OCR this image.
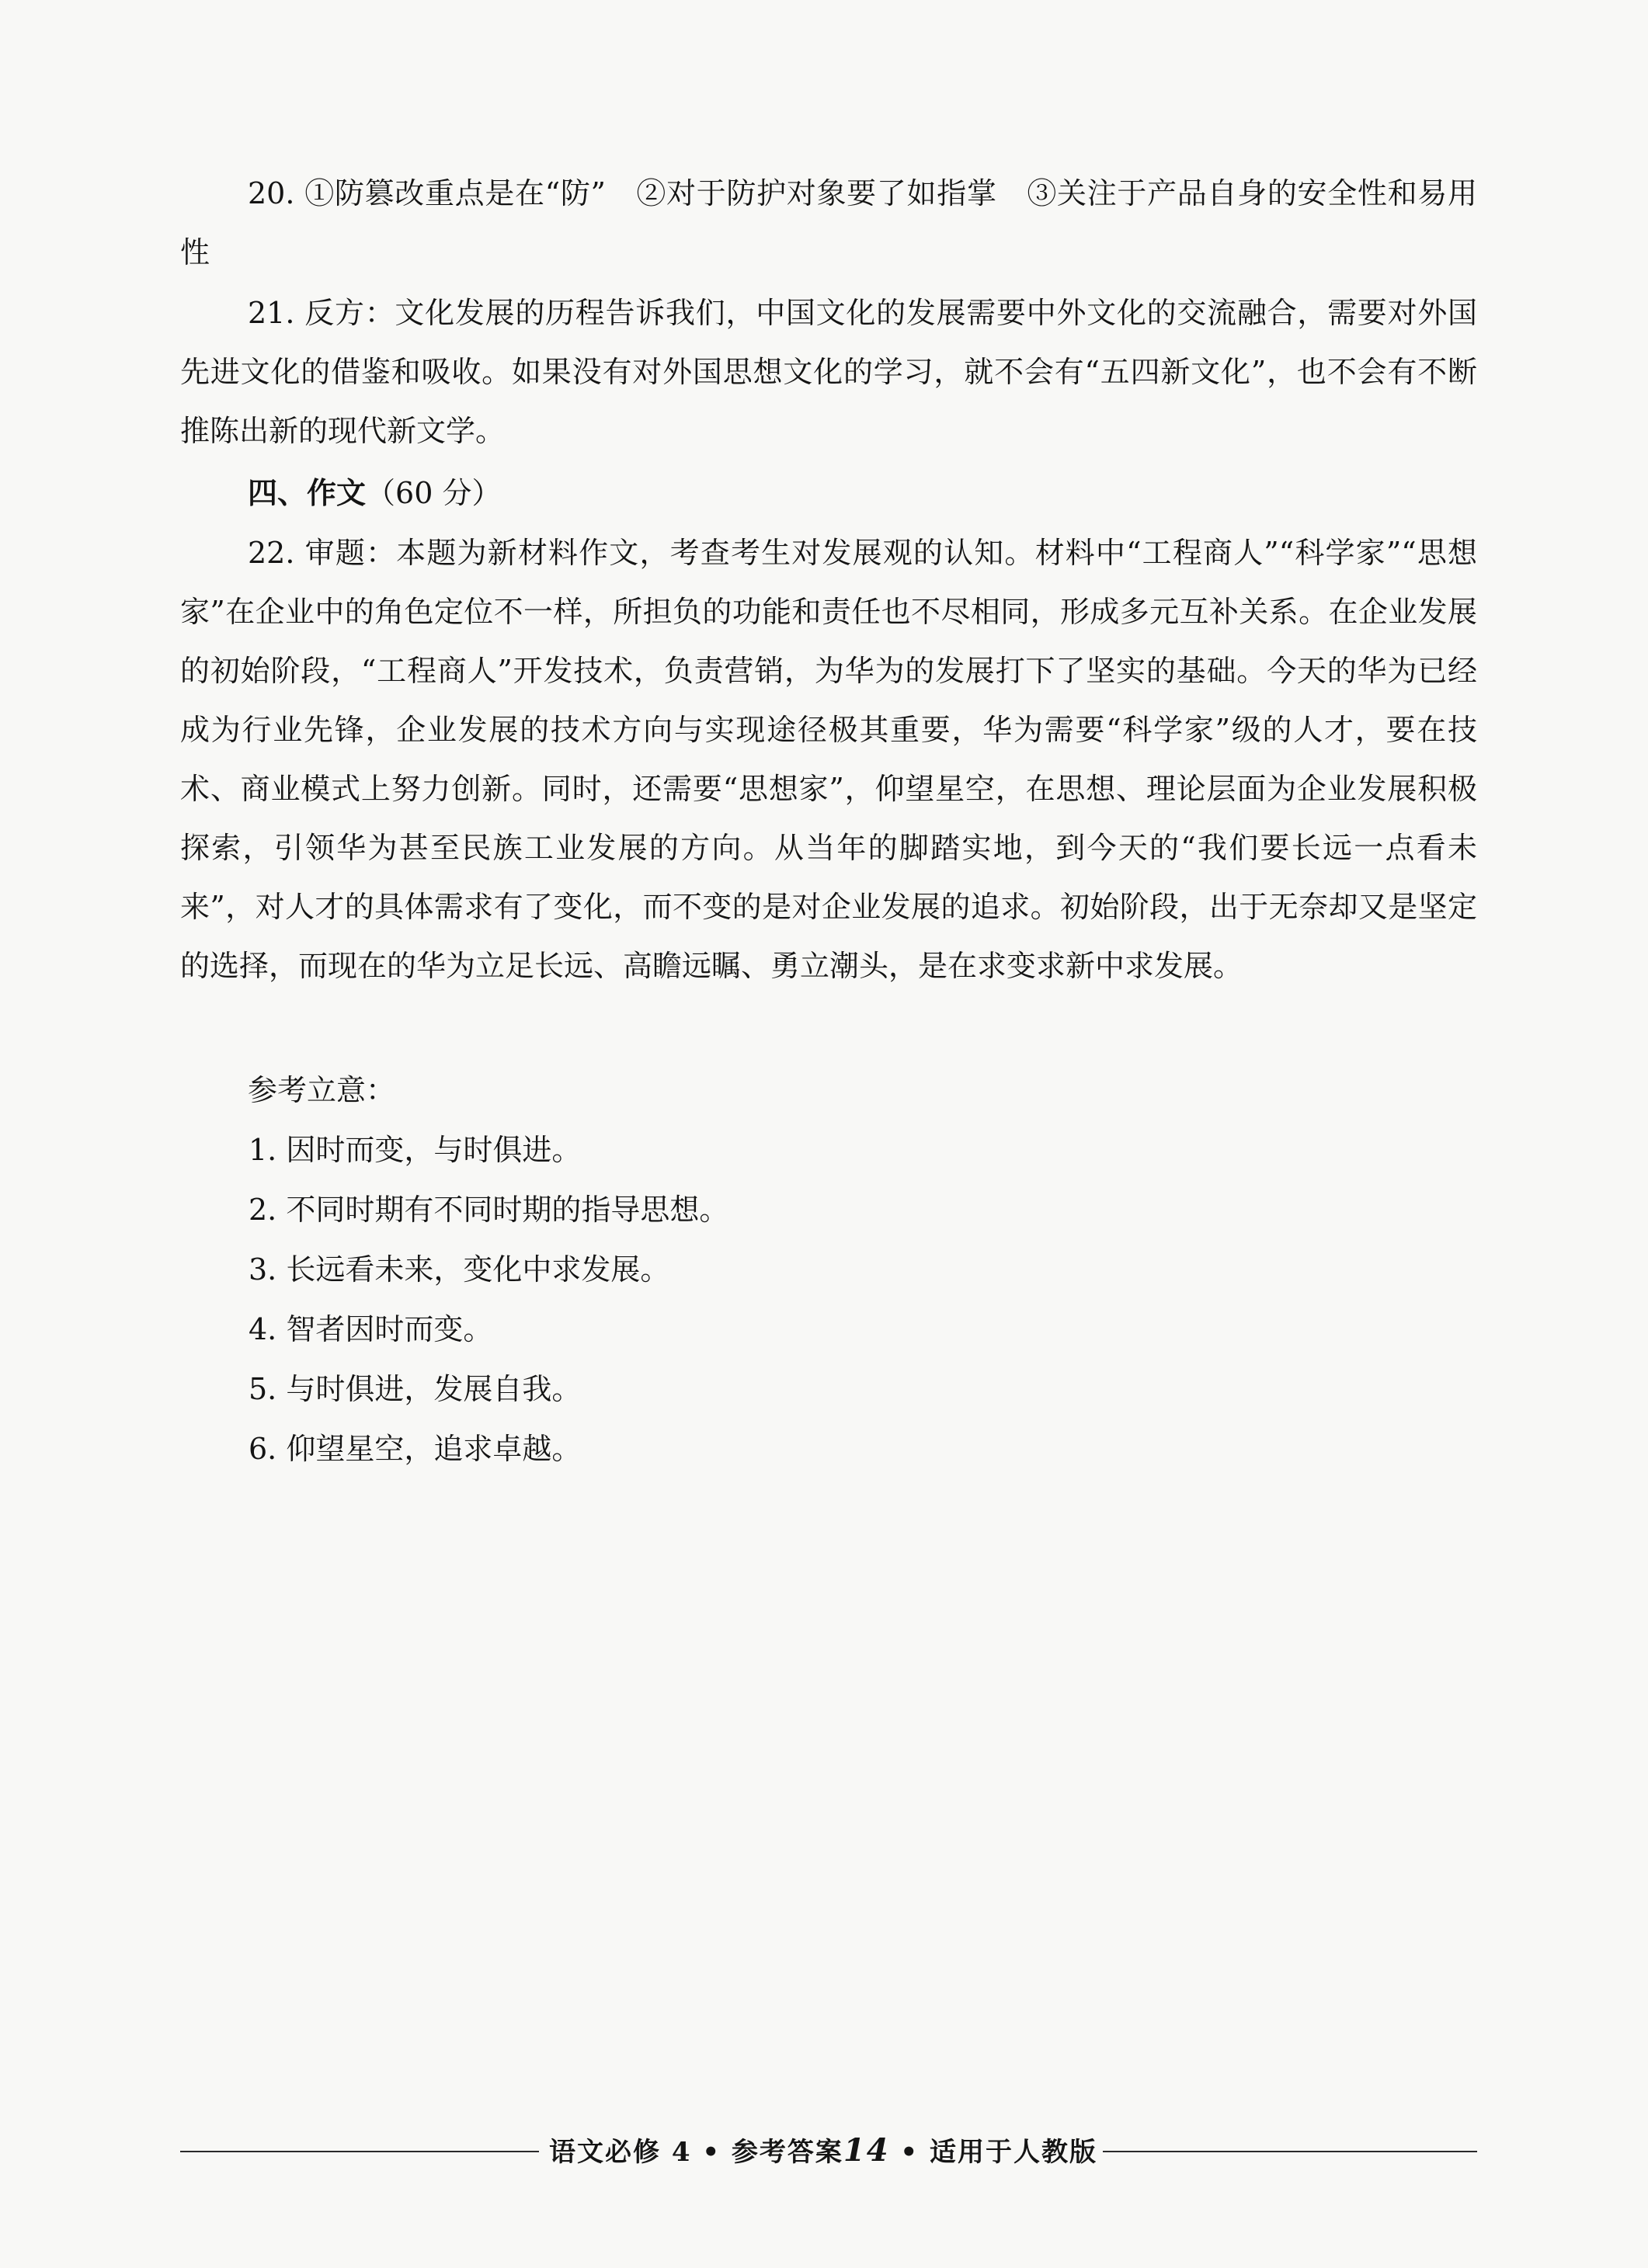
20. ①防篡改重点是在“防”　②对于防护对象要了如指掌　③关注于产品自身的安全性和易用性

21. 反方：文化发展的历程告诉我们，中国文化的发展需要中外文化的交流融合，需要对外国先进文化的借鉴和吸收。如果没有对外国思想文化的学习，就不会有“五四新文化”，也不会有不断推陈出新的现代新文学。

四、作文（60 分）

22. 审题：本题为新材料作文，考查考生对发展观的认知。材料中“工程商人”“科学家”“思想家”在企业中的角色定位不一样，所担负的功能和责任也不尽相同，形成多元互补关系。在企业发展的初始阶段，“工程商人”开发技术，负责营销，为华为的发展打下了坚实的基础。今天的华为已经成为行业先锋，企业发展的技术方向与实现途径极其重要，华为需要“科学家”级的人才，要在技术、商业模式上努力创新。同时，还需要“思想家”，仰望星空，在思想、理论层面为企业发展积极探索，引领华为甚至民族工业发展的方向。从当年的脚踏实地，到今天的“我们要长远一点看未来”，对人才的具体需求有了变化，而不变的是对企业发展的追求。初始阶段，出于无奈却又是坚定的选择，而现在的华为立足长远、高瞻远瞩、勇立潮头，是在求变求新中求发展。

参考立意：

1. 因时而变，与时俱进。

2. 不同时期有不同时期的指导思想。

3. 长远看未来，变化中求发展。

4. 智者因时而变。

5. 与时俱进，发展自我。

6. 仰望星空，追求卓越。

语文必修 4 • 参考答案14 • 适用于人教版
